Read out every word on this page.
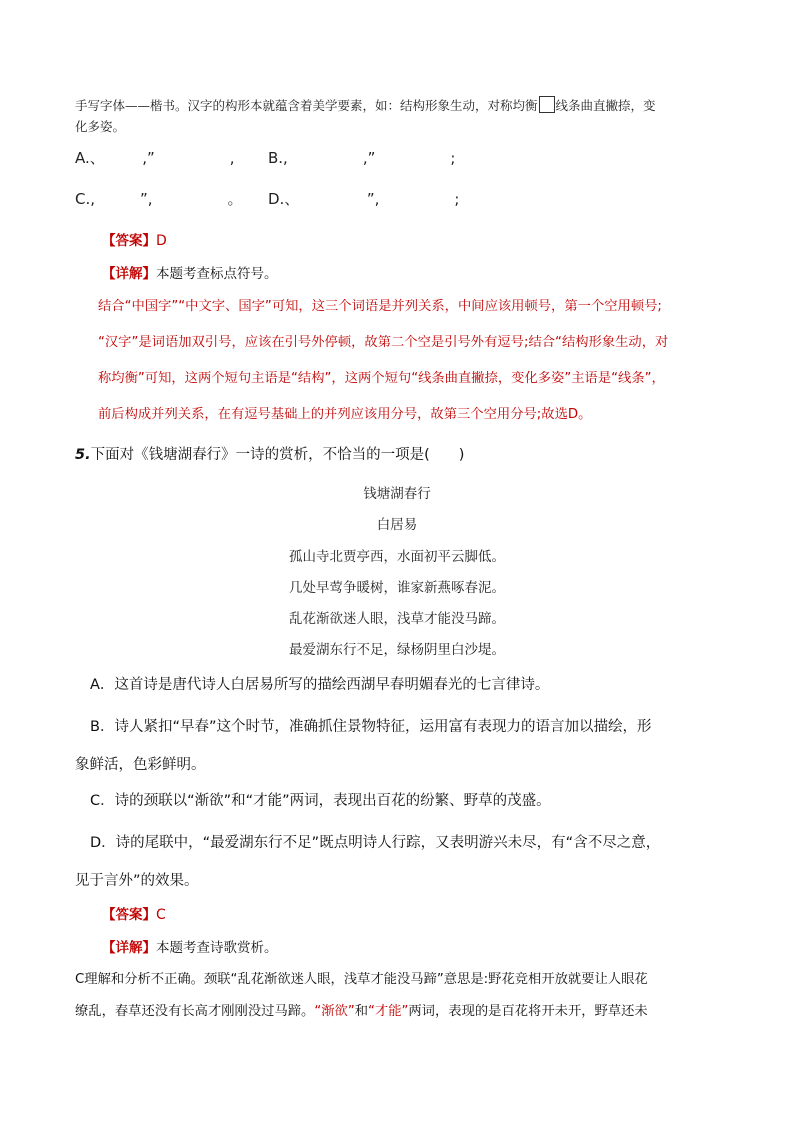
手写字体——楷书。汉字的构形本就蕴含着美学要素，如：结构形象生动，对称均衡 线条曲直撇捺，变
化多姿。
A.、　　　,”　　　　　, B.,　　　　　,”　　　　　;
C.,　　　”,　　　　　。 D.、　　　　　”,　　　　　;
【答案】D
【详解】本题考查标点符号。
结合“中国字”“中文字、国字”可知，这三个词语是并列关系，中间应该用顿号，第一个空用顿号;
“汉字”是词语加双引号，应该在引号外停顿，故第二个空是引号外有逗号;结合“结构形象生动，对
称均衡”可知，这两个短句主语是“结构”，这两个短句“线条曲直撇捺，变化多姿”主语是“线条”，
前后构成并列关系，在有逗号基础上的并列应该用分号，故第三个空用分号;故选D。
5.下面对《钱塘湖春行》一诗的赏析，不恰当的一项是(　　)
钱塘湖春行
白居易
孤山寺北贾亭西，水面初平云脚低。
几处早莺争暖树，谁家新燕啄春泥。
乱花渐欲迷人眼，浅草才能没马蹄。
最爱湖东行不足，绿杨阴里白沙堤。
A．这首诗是唐代诗人白居易所写的描绘西湖早春明媚春光的七言律诗。
B．诗人紧扣“早春”这个时节，准确抓住景物特征，运用富有表现力的语言加以描绘，形
象鲜活，色彩鲜明。
C．诗的颈联以“渐欲”和“才能”两词，表现出百花的纷繁、野草的茂盛。
D．诗的尾联中，“最爱湖东行不足”既点明诗人行踪，又表明游兴未尽，有“含不尽之意，
见于言外”的效果。
【答案】C
【详解】本题考查诗歌赏析。
C理解和分析不正确。颈联“乱花渐欲迷人眼，浅草才能没马蹄”意思是:野花竞相开放就要让人眼花
缭乱，春草还没有长高才刚刚没过马蹄。“渐欲”和“才能”两词，表现的是百花将开未开，野草还未
